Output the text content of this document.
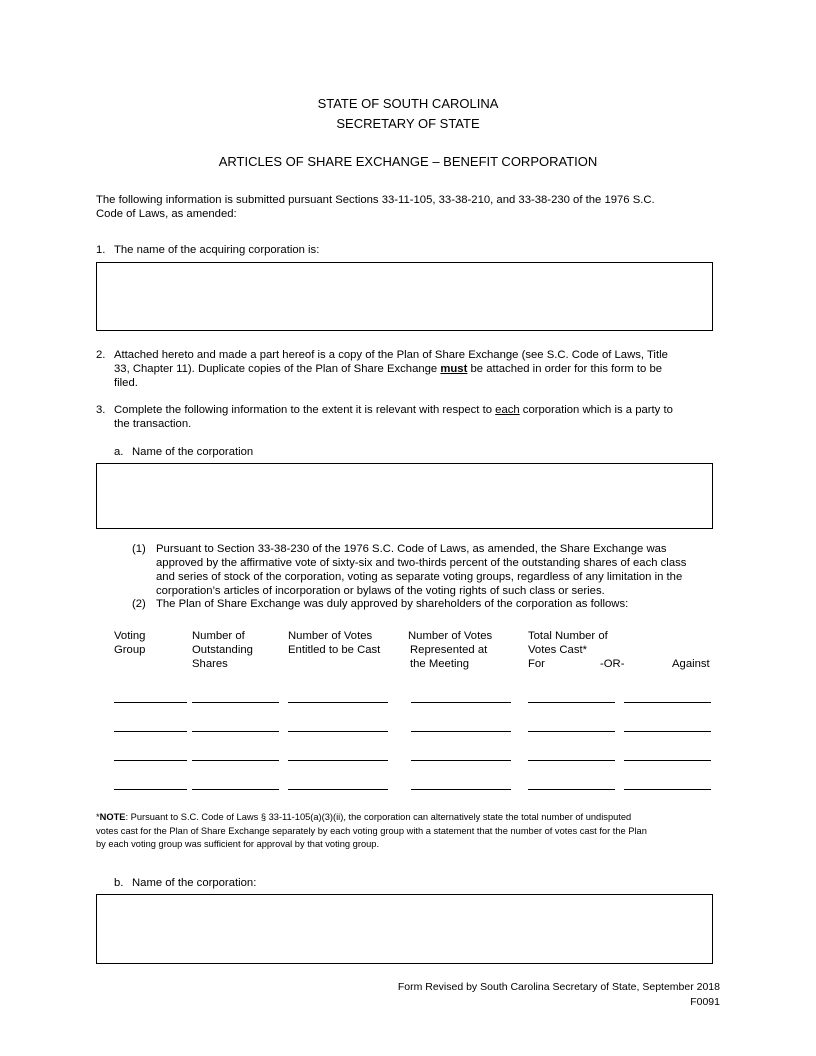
STATE OF SOUTH CAROLINA
SECRETARY OF STATE
ARTICLES OF SHARE EXCHANGE – BENEFIT CORPORATION
The following information is submitted pursuant Sections 33-11-105, 33-38-210, and 33-38-230 of the 1976 S.C.
Code of Laws, as amended:
1. The name of the acquiring corporation is:
2. Attached hereto and made a part hereof is a copy of the Plan of Share Exchange (see S.C. Code of Laws, Title
33, Chapter 11). Duplicate copies of the Plan of Share Exchange must be attached in order for this form to be
filed.
3. Complete the following information to the extent it is relevant with respect to each corporation which is a party to
the transaction.
a. Name of the corporation
(1) Pursuant to Section 33-38-230 of the 1976 S.C. Code of Laws, as amended, the Share Exchange was
approved by the affirmative vote of sixty-six and two-thirds percent of the outstanding shares of each class
and series of stock of the corporation, voting as separate voting groups, regardless of any limitation in the
corporation’s articles of incorporation or bylaws of the voting rights of such class or series.
(2) The Plan of Share Exchange was duly approved by shareholders of the corporation as follows:
Voting
Group
Number of
Outstanding
Shares
Number of Votes
Entitled to be Cast
Number of Votes
Represented at
the Meeting
Total Number of
Votes Cast*
For	-OR-	Against
*NOTE: Pursuant to S.C. Code of Laws § 33-11-105(a)(3)(ii), the corporation can alternatively state the total number of undisputed
votes cast for the Plan of Share Exchange separately by each voting group with a statement that the number of votes cast for the Plan
by each voting group was sufficient for approval by that voting group.
b. Name of the corporation:
Form Revised by South Carolina Secretary of State, September 2018
F0091
